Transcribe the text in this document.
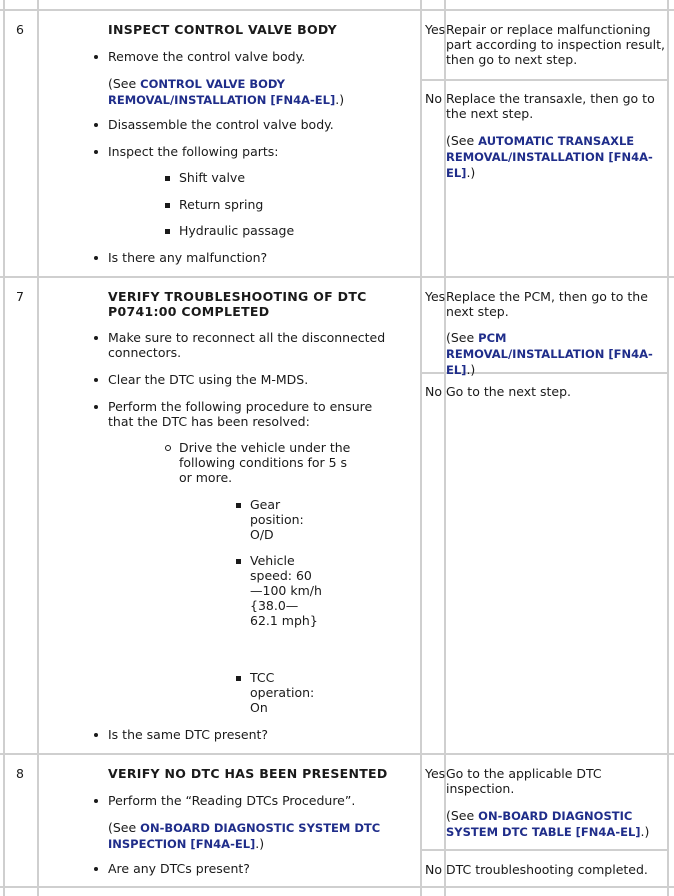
6	INSPECT CONTROL VALVE BODY
Remove the control valve body.
(See CONTROL VALVE BODY REMOVAL/INSTALLATION [FN4A-EL].)
Disassemble the control valve body.
Inspect the following parts:
Shift valve
Return spring
Hydraulic passage
Is there any malfunction?
Yes Repair or replace malfunctioning part according to inspection result, then go to next step.
No Replace the transaxle, then go to the next step.
(See AUTOMATIC TRANSAXLE REMOVAL/INSTALLATION [FN4A-EL].)
7	VERIFY TROUBLESHOOTING OF DTC P0741:00 COMPLETED
Make sure to reconnect all the disconnected connectors.
Clear the DTC using the M-MDS.
Perform the following procedure to ensure that the DTC has been resolved:
Drive the vehicle under the following conditions for 5 s or more.
Gear position: O/D
Vehicle speed: 60—100 km/h {38.0—62.1 mph}
TCC operation: On
Is the same DTC present?
Yes Replace the PCM, then go to the next step.
(See PCM REMOVAL/INSTALLATION [FN4A-EL].)
No Go to the next step.
8	VERIFY NO DTC HAS BEEN PRESENTED
Perform the “Reading DTCs Procedure”.
(See ON-BOARD DIAGNOSTIC SYSTEM DTC INSPECTION [FN4A-EL].)
Are any DTCs present?
Yes Go to the applicable DTC inspection.
(See ON-BOARD DIAGNOSTIC SYSTEM DTC TABLE [FN4A-EL].)
No DTC troubleshooting completed.
